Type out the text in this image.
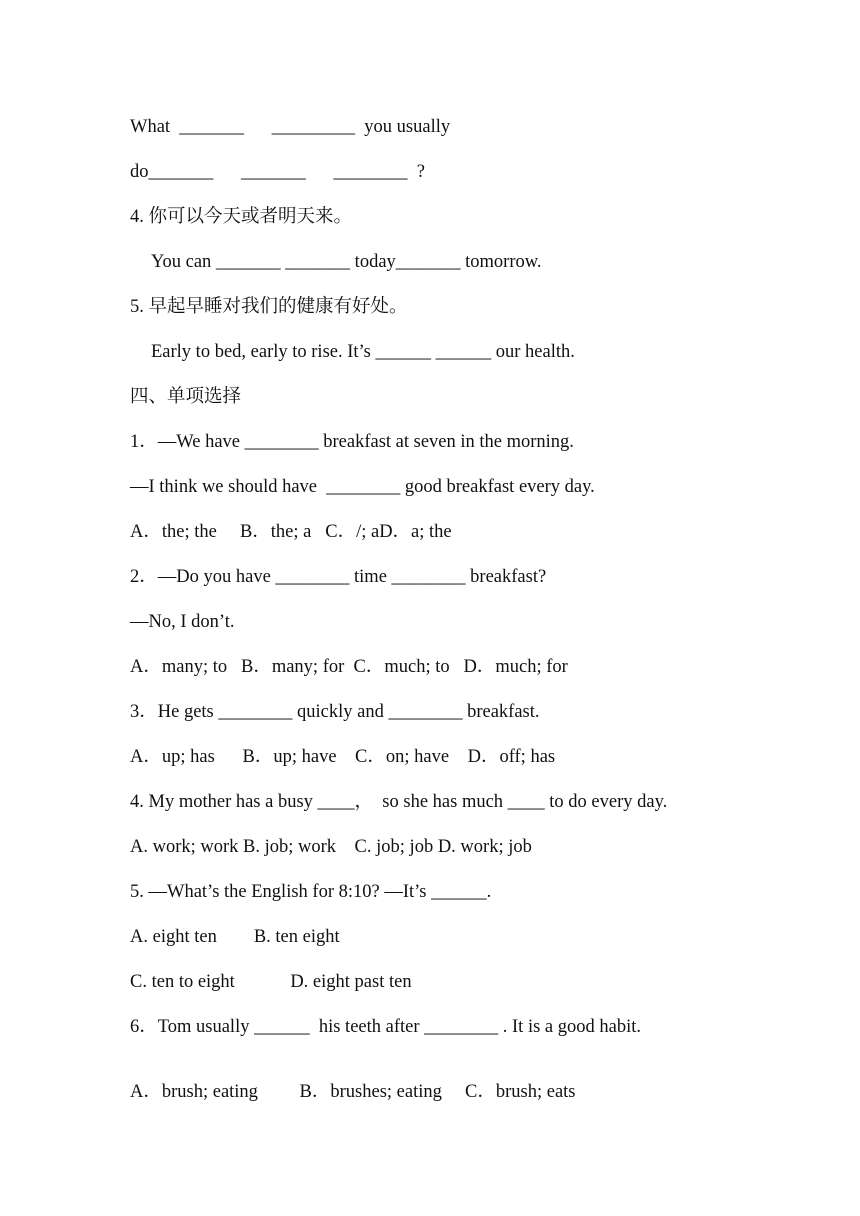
What  _______      _________  you usually
do_______      _______      ________  ?
4. 你可以今天或者明天来。
You can _______ _______ today_______ tomorrow.
5. 早起早睡对我们的健康有好处。
Early to bed, early to rise. It’s ______ ______ our health.
四、单项选择
1．—We have ________ breakfast at seven in the morning.
—I think we should have  ________ good breakfast every day.
A．the; the     B．the; a   C．/; aD．a; the
2．—Do you have ________ time ________ breakfast?
—No, I don’t.
A．many; to   B．many; for  C．much; to   D．much; for
3．He gets ________ quickly and ________ breakfast.
A．up; has      B．up; have    C．on; have    D．off; has
4. My mother has a busy ____，  so she has much ____ to do every day.
A. work; work B. job; work    C. job; job D. work; job
5. —What’s the English for 8:10? —It’s ______.
A. eight ten        B. ten eight
C. ten to eight            D. eight past ten
6．Tom usually ______  his teeth after ________ . It is a good habit.
A．brush; eating         B．brushes; eating     C．brush; eats
